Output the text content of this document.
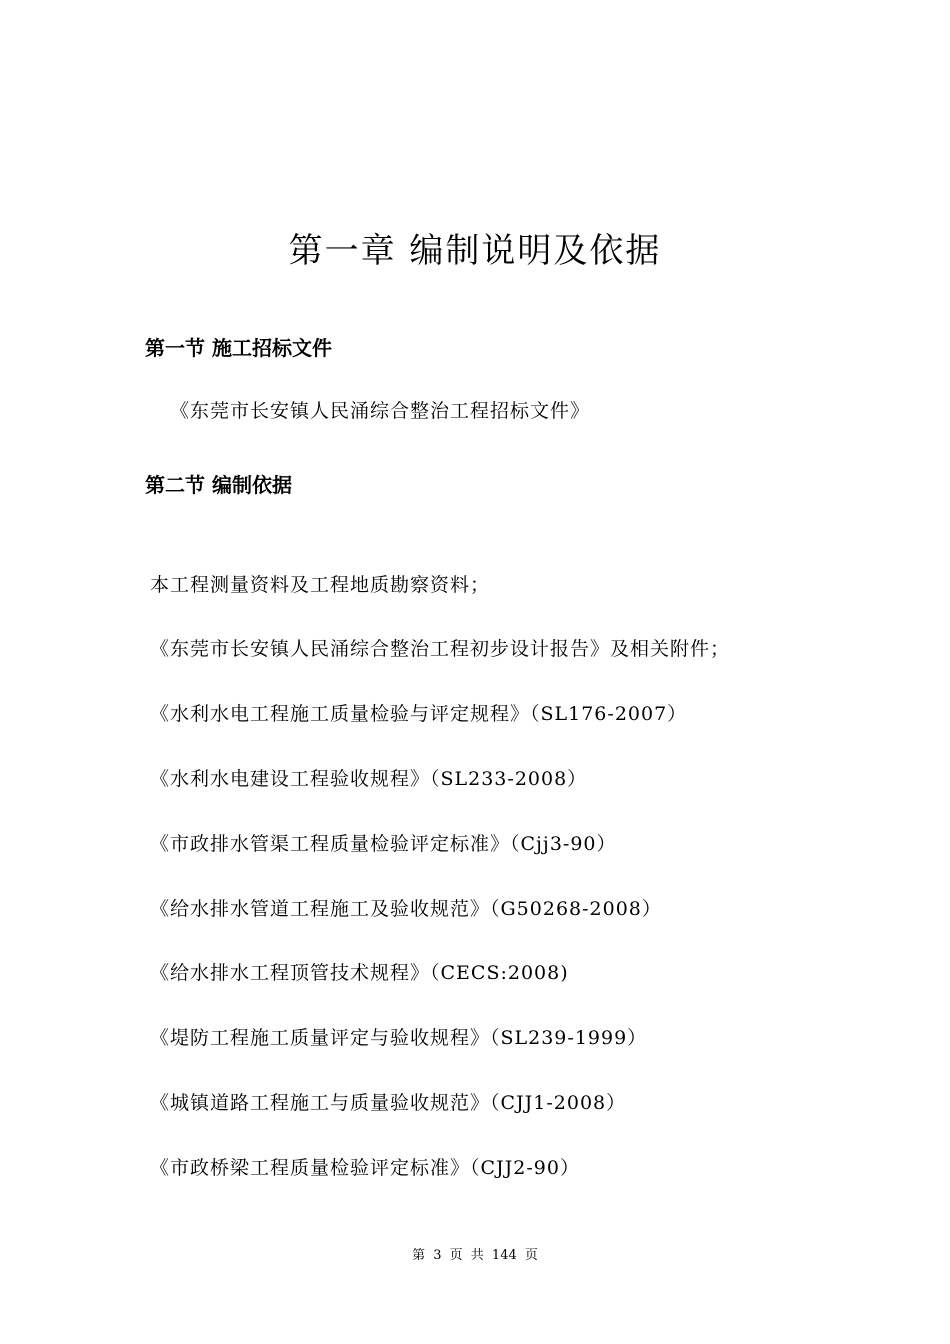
第一章 编制说明及依据
第一节 施工招标文件
《东莞市长安镇人民涌综合整治工程招标文件》
第二节 编制依据
本工程测量资料及工程地质勘察资料；
《东莞市长安镇人民涌综合整治工程初步设计报告》及相关附件；
《水利水电工程施工质量检验与评定规程》（SL176-2007）
《水利水电建设工程验收规程》（SL233-2008）
《市政排水管渠工程质量检验评定标准》（Cjj3-90）
《给水排水管道工程施工及验收规范》（G50268-2008）
《给水排水工程顶管技术规程》（CECS:2008)
《堤防工程施工质量评定与验收规程》（SL239-1999）
《城镇道路工程施工与质量验收规范》（CJJ1-2008）
《市政桥梁工程质量检验评定标准》（CJJ2-90）
第 3 页 共 144 页
